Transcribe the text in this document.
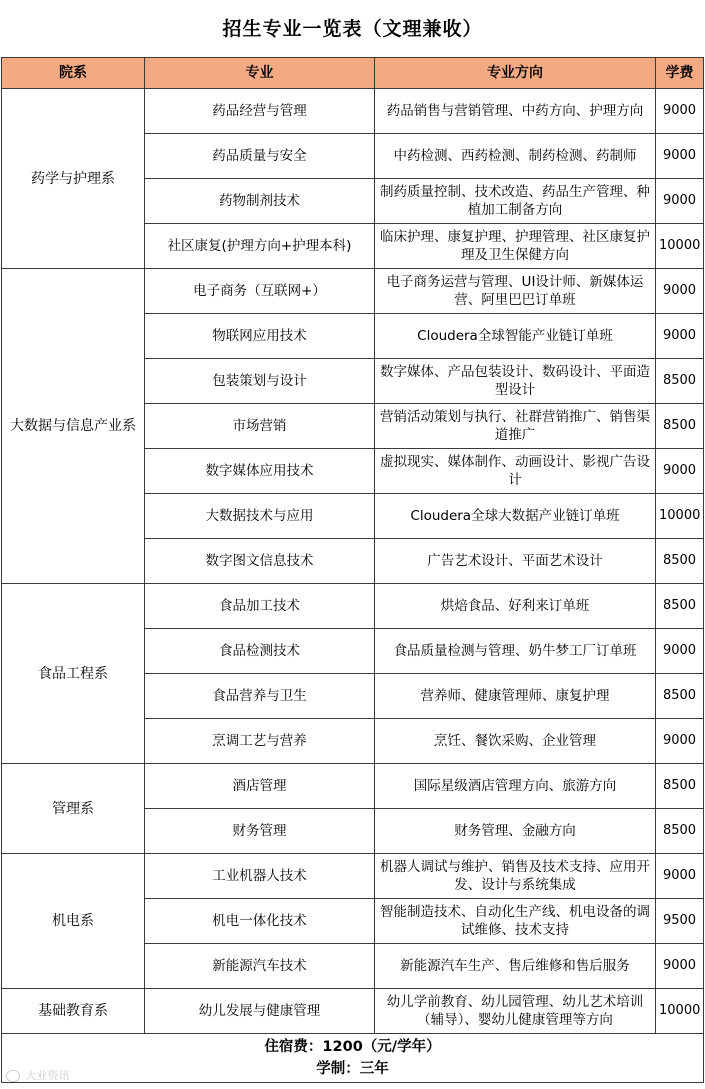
招生专业一览表（文理兼收）
院系	专业	专业方向	学费
药学与护理系	药品经营与管理	药品销售与营销管理、中药方向、护理方向	9000
	药品质量与安全	中药检测、西药检测、制药检测、药制师	9000
	药物制剂技术	制药质量控制、技术改造、药品生产管理、种植加工制备方向	9000
	社区康复(护理方向+护理本科)	临床护理、康复护理、护理管理、社区康复护理及卫生保健方向	10000
大数据与信息产业系	电子商务（互联网+）	电子商务运营与管理、UI设计师、新媒体运营、阿里巴巴订单班	9000
	物联网应用技术	Cloudera全球智能产业链订单班	9000
	包装策划与设计	数字媒体、产品包装设计、数码设计、平面造型设计	8500
	市场营销	营销活动策划与执行、社群营销推广、销售渠道推广	8500
	数字媒体应用技术	虚拟现实、媒体制作、动画设计、影视广告设计	9000
	大数据技术与应用	Cloudera全球大数据产业链订单班	10000
	数字图文信息技术	广告艺术设计、平面艺术设计	8500
食品工程系	食品加工技术	烘焙食品、好利来订单班	8500
	食品检测技术	食品质量检测与管理、奶牛梦工厂订单班	9000
	食品营养与卫生	营养师、健康管理师、康复护理	8500
	烹调工艺与营养	烹饪、餐饮采购、企业管理	9000
管理系	酒店管理	国际星级酒店管理方向、旅游方向	8500
	财务管理	财务管理、金融方向	8500
机电系	工业机器人技术	机器人调试与维护、销售及技术支持、应用开发、设计与系统集成	9000
	机电一体化技术	智能制造技术、自动化生产线、机电设备的调试维修、技术支持	9500
	新能源汽车技术	新能源汽车生产、售后维修和售后服务	9000
基础教育系	幼儿发展与健康管理	幼儿学前教育、幼儿园管理、幼儿艺术培训（辅导）、婴幼儿健康管理等方向	10000

住宿费：1200（元/学年）
学制：三年			
大业资讯
